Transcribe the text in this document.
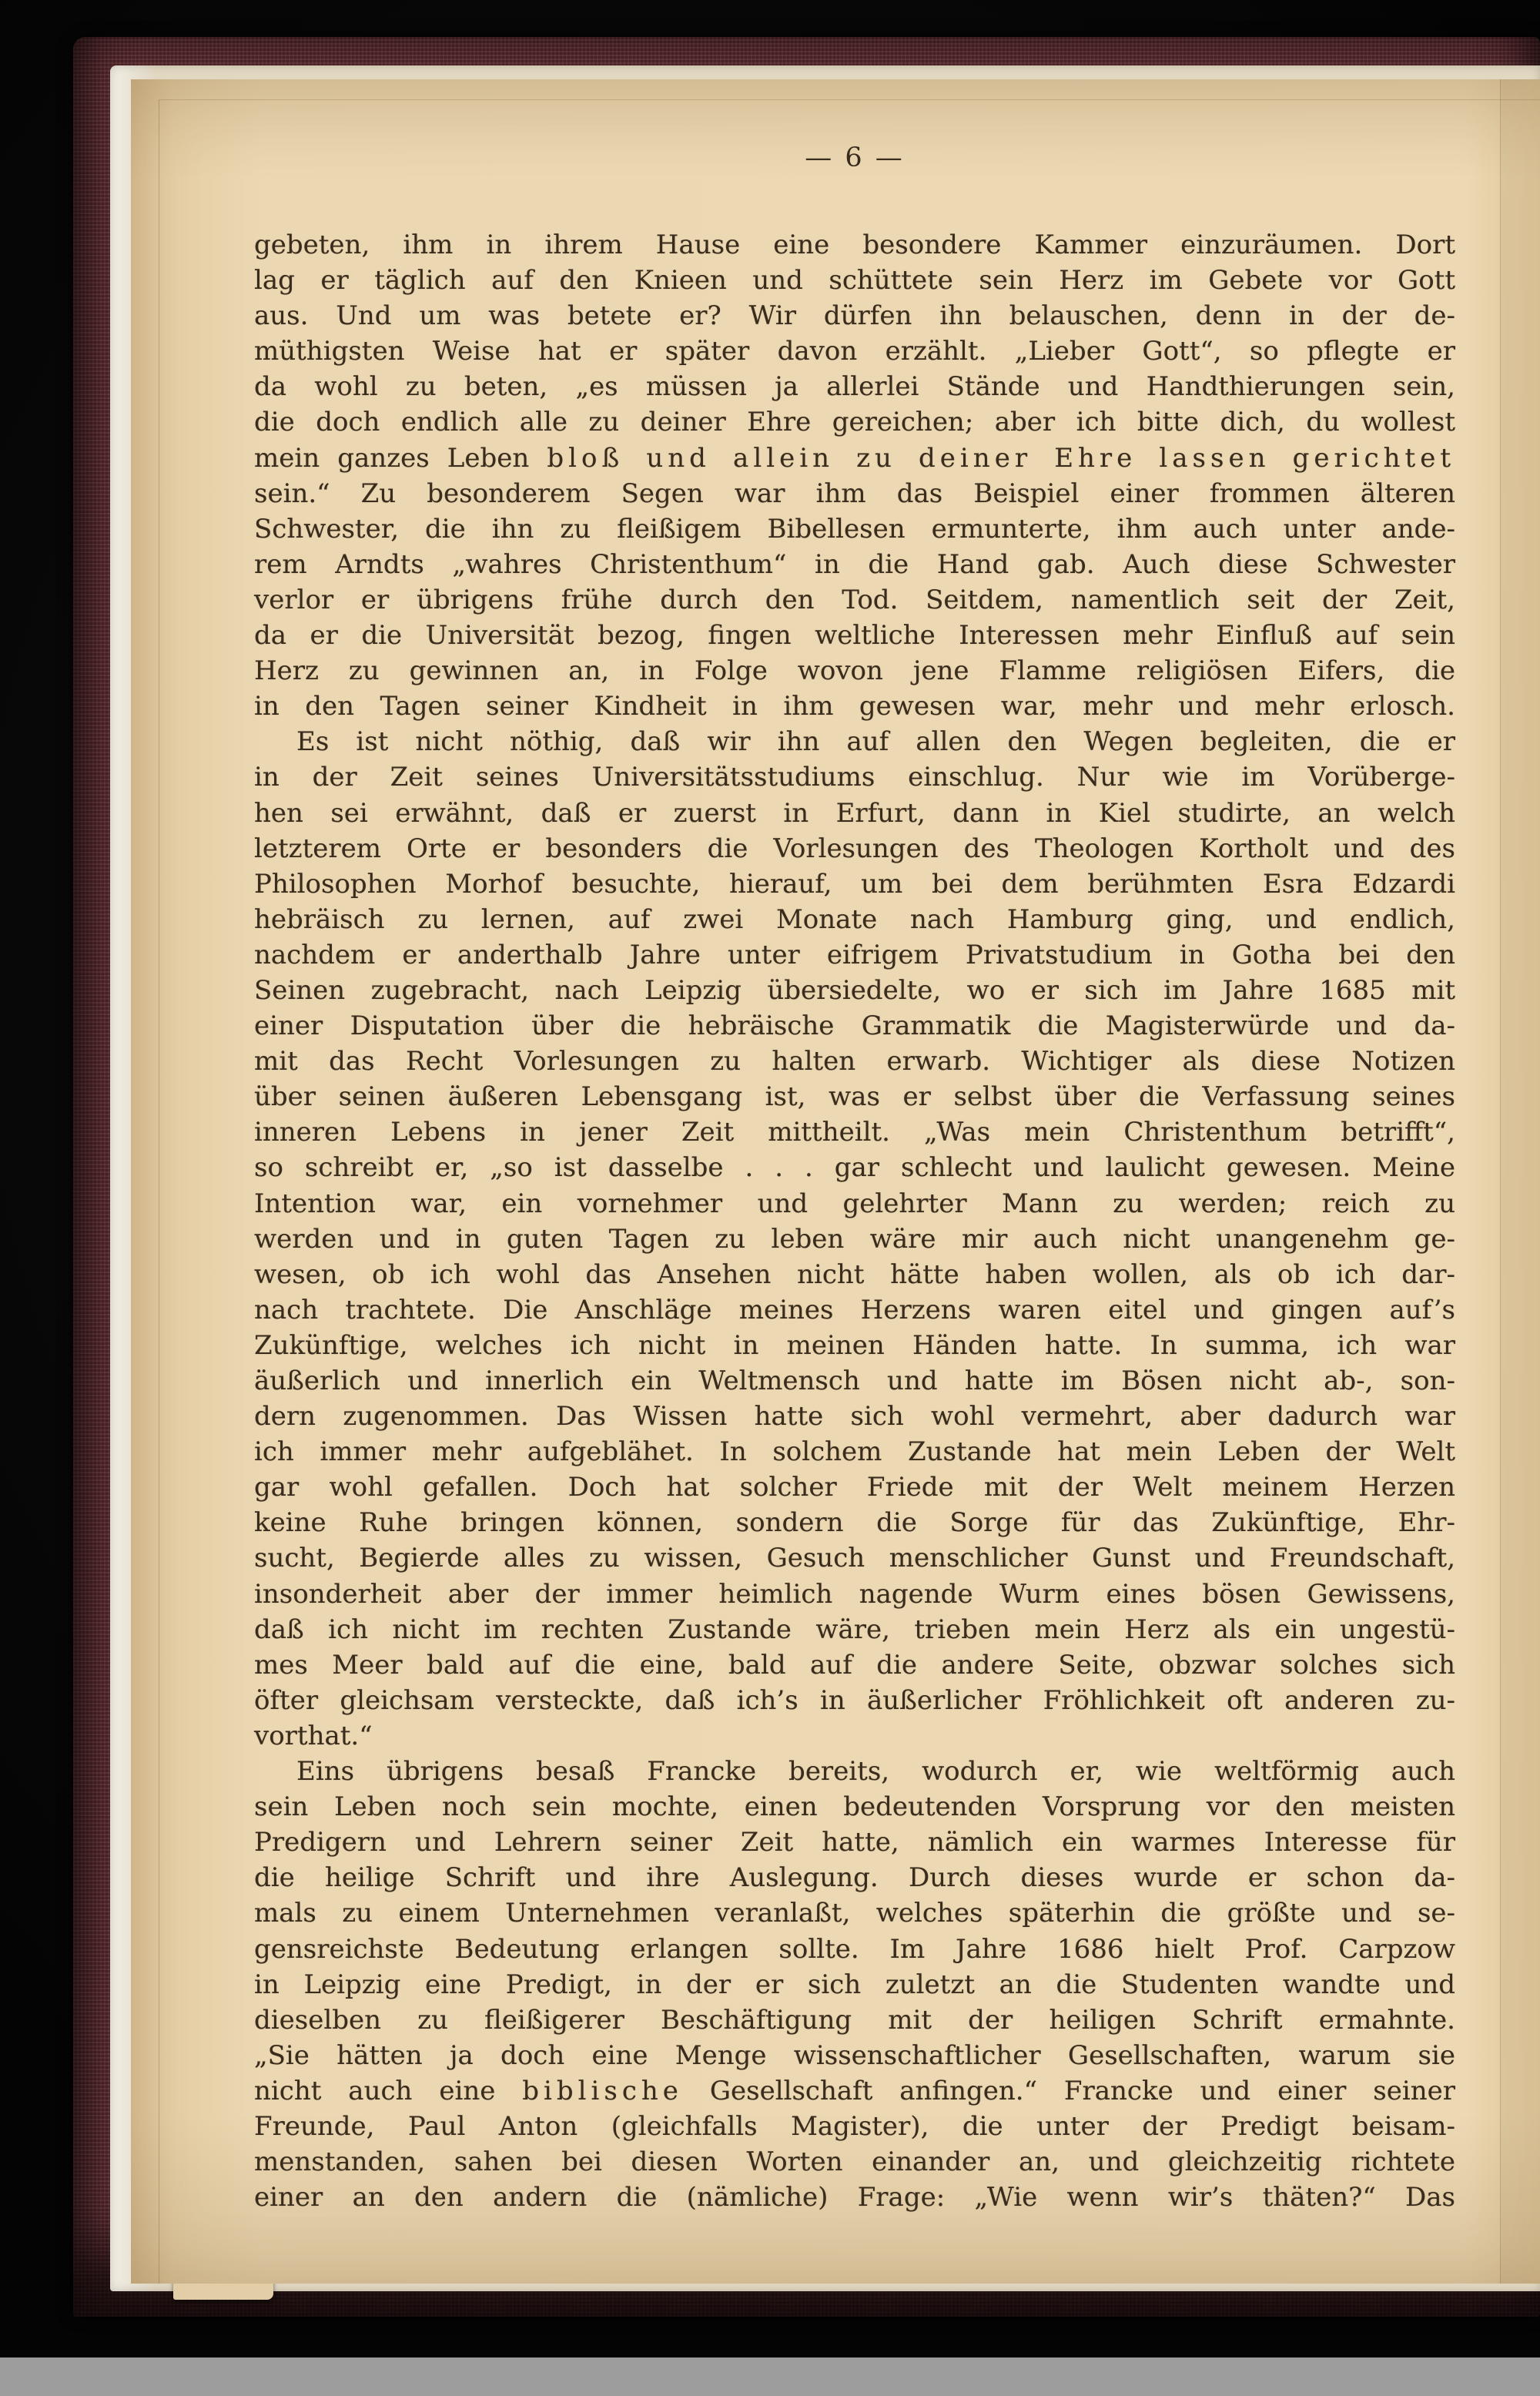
— 6 —
gebeten, ihm in ihrem Hause eine besondere Kammer einzuräumen. Dort
lag er täglich auf den Knieen und schüttete sein Herz im Gebete vor Gott
aus. Und um was betete er? Wir dürfen ihn belauschen, denn in der de-
müthigsten Weise hat er später davon erzählt. „Lieber Gott“, so pflegte er
da wohl zu beten, „es müssen ja allerlei Stände und Handthierungen sein,
die doch endlich alle zu deiner Ehre gereichen; aber ich bitte dich, du wollest
mein ganzes Leben bloß und allein zu deiner Ehre lassen gerichtet
sein.“ Zu besonderem Segen war ihm das Beispiel einer frommen älteren
Schwester, die ihn zu fleißigem Bibellesen ermunterte, ihm auch unter ande-
rem Arndts „wahres Christenthum“ in die Hand gab. Auch diese Schwester
verlor er übrigens frühe durch den Tod. Seitdem, namentlich seit der Zeit,
da er die Universität bezog, fingen weltliche Interessen mehr Einfluß auf sein
Herz zu gewinnen an, in Folge wovon jene Flamme religiösen Eifers, die
in den Tagen seiner Kindheit in ihm gewesen war, mehr und mehr erlosch.
Es ist nicht nöthig, daß wir ihn auf allen den Wegen begleiten, die er
in der Zeit seines Universitätsstudiums einschlug. Nur wie im Vorüberge-
hen sei erwähnt, daß er zuerst in Erfurt, dann in Kiel studirte, an welch
letzterem Orte er besonders die Vorlesungen des Theologen Kortholt und des
Philosophen Morhof besuchte, hierauf, um bei dem berühmten Esra Edzardi
hebräisch zu lernen, auf zwei Monate nach Hamburg ging, und endlich,
nachdem er anderthalb Jahre unter eifrigem Privatstudium in Gotha bei den
Seinen zugebracht, nach Leipzig übersiedelte, wo er sich im Jahre 1685 mit
einer Disputation über die hebräische Grammatik die Magisterwürde und da-
mit das Recht Vorlesungen zu halten erwarb. Wichtiger als diese Notizen
über seinen äußeren Lebensgang ist, was er selbst über die Verfassung seines
inneren Lebens in jener Zeit mittheilt. „Was mein Christenthum betrifft“,
so schreibt er, „so ist dasselbe . . . gar schlecht und laulicht gewesen. Meine
Intention war, ein vornehmer und gelehrter Mann zu werden; reich zu
werden und in guten Tagen zu leben wäre mir auch nicht unangenehm ge-
wesen, ob ich wohl das Ansehen nicht hätte haben wollen, als ob ich dar-
nach trachtete. Die Anschläge meines Herzens waren eitel und gingen auf’s
Zukünftige, welches ich nicht in meinen Händen hatte. In summa, ich war
äußerlich und innerlich ein Weltmensch und hatte im Bösen nicht ab-, son-
dern zugenommen. Das Wissen hatte sich wohl vermehrt, aber dadurch war
ich immer mehr aufgeblähet. In solchem Zustande hat mein Leben der Welt
gar wohl gefallen. Doch hat solcher Friede mit der Welt meinem Herzen
keine Ruhe bringen können, sondern die Sorge für das Zukünftige, Ehr-
sucht, Begierde alles zu wissen, Gesuch menschlicher Gunst und Freundschaft,
insonderheit aber der immer heimlich nagende Wurm eines bösen Gewissens,
daß ich nicht im rechten Zustande wäre, trieben mein Herz als ein ungestü-
mes Meer bald auf die eine, bald auf die andere Seite, obzwar solches sich
öfter gleichsam versteckte, daß ich’s in äußerlicher Fröhlichkeit oft anderen zu-
vorthat.“
Eins übrigens besaß Francke bereits, wodurch er, wie weltförmig auch
sein Leben noch sein mochte, einen bedeutenden Vorsprung vor den meisten
Predigern und Lehrern seiner Zeit hatte, nämlich ein warmes Interesse für
die heilige Schrift und ihre Auslegung. Durch dieses wurde er schon da-
mals zu einem Unternehmen veranlaßt, welches späterhin die größte und se-
gensreichste Bedeutung erlangen sollte. Im Jahre 1686 hielt Prof. Carpzow
in Leipzig eine Predigt, in der er sich zuletzt an die Studenten wandte und
dieselben zu fleißigerer Beschäftigung mit der heiligen Schrift ermahnte.
„Sie hätten ja doch eine Menge wissenschaftlicher Gesellschaften, warum sie
nicht auch eine biblische Gesellschaft anfingen.“ Francke und einer seiner
Freunde, Paul Anton (gleichfalls Magister), die unter der Predigt beisam-
menstanden, sahen bei diesen Worten einander an, und gleichzeitig richtete
einer an den andern die (nämliche) Frage: „Wie wenn wir’s thäten?“ Das
